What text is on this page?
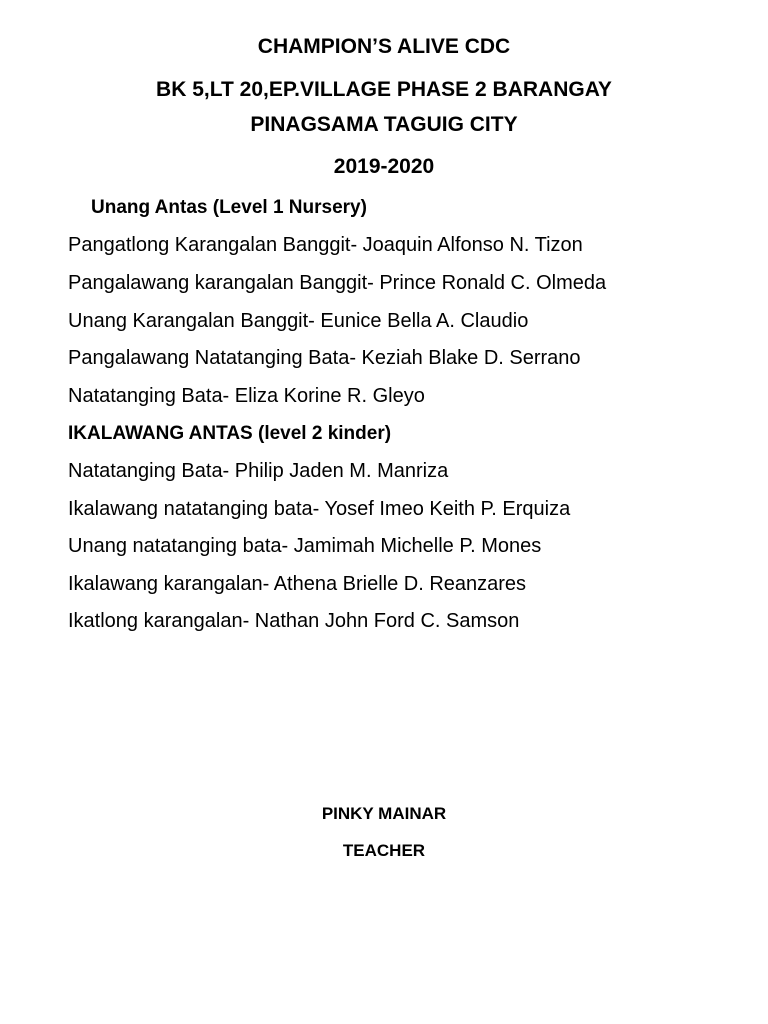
CHAMPION’S ALIVE CDC

BK 5,LT 20,EP.VILLAGE PHASE 2 BARANGAY

PINAGSAMA TAGUIG CITY

2019-2020

Unang Antas (Level 1 Nursery)

Pangatlong Karangalan Banggit- Joaquin Alfonso N. Tizon

Pangalawang karangalan Banggit- Prince Ronald C. Olmeda

Unang Karangalan Banggit- Eunice Bella A. Claudio

Pangalawang Natatanging Bata- Keziah Blake D. Serrano

Natatanging Bata- Eliza Korine R. Gleyo

IKALAWANG ANTAS (level 2 kinder)

Natatanging Bata- Philip Jaden M. Manriza

Ikalawang natatanging bata- Yosef Imeo Keith P. Erquiza

Unang natatanging bata- Jamimah Michelle P. Mones

Ikalawang karangalan- Athena Brielle D. Reanzares

Ikatlong karangalan- Nathan John Ford C. Samson

PINKY MAINAR

TEACHER
